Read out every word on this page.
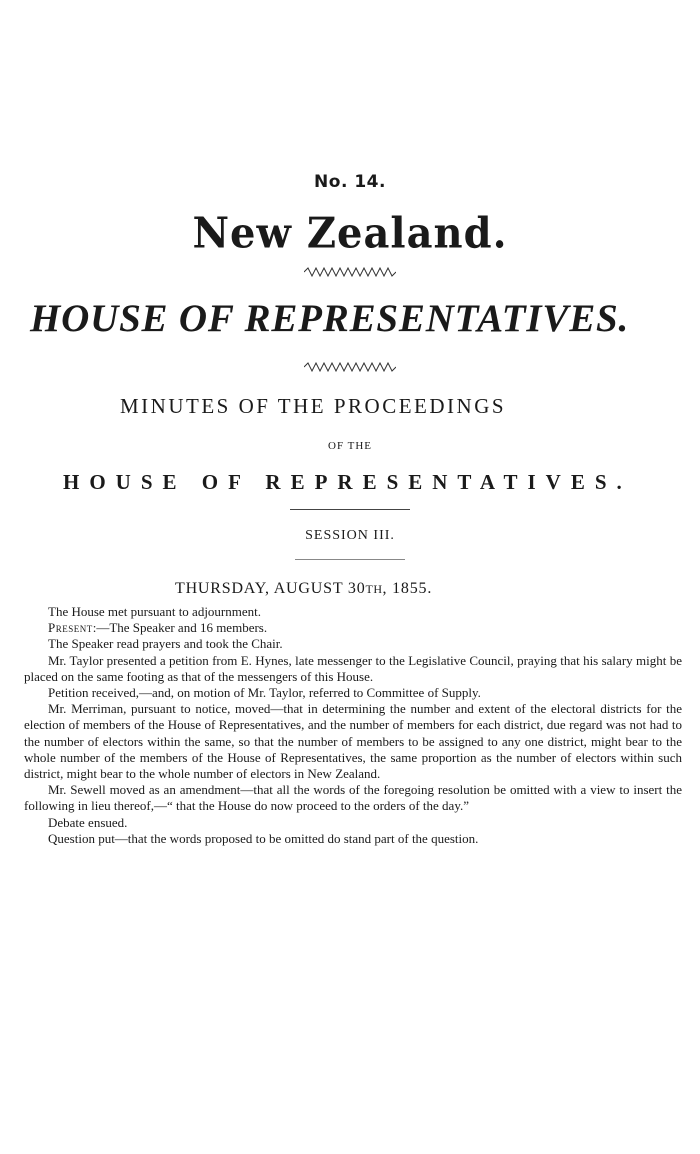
No. 14.
New Zealand.
HOUSE OF REPRESENTATIVES.
MINUTES OF THE PROCEEDINGS
OF THE
HOUSE OF REPRESENTATIVES.
SESSION III.
THURSDAY, AUGUST 30TH, 1855.

The House met pursuant to adjournment.

Present:—The Speaker and 16 members.

The Speaker read prayers and took the Chair.

Mr. Taylor presented a petition from E. Hynes, late messenger to the Legislative Council, praying that his salary might be placed on the same footing as that of the messengers of this House.

Petition received,—and, on motion of Mr. Taylor, referred to Committee of Supply.

Mr. Merriman, pursuant to notice, moved—that in determining the number and extent of the electoral districts for the election of members of the House of Representatives, and the number of members for each district, due regard was not had to the number of electors within the same, so that the number of members to be assigned to any one district, might bear to the whole number of the members of the House of Representatives, the same proportion as the number of electors within such district, might bear to the whole number of electors in New Zealand.

Mr. Sewell moved as an amendment—that all the words of the foregoing resolution be omitted with a view to insert the following in lieu thereof,—“ that the House do now proceed to the orders of the day.”

Debate ensued.

Question put—that the words proposed to be omitted do stand part of the question.
